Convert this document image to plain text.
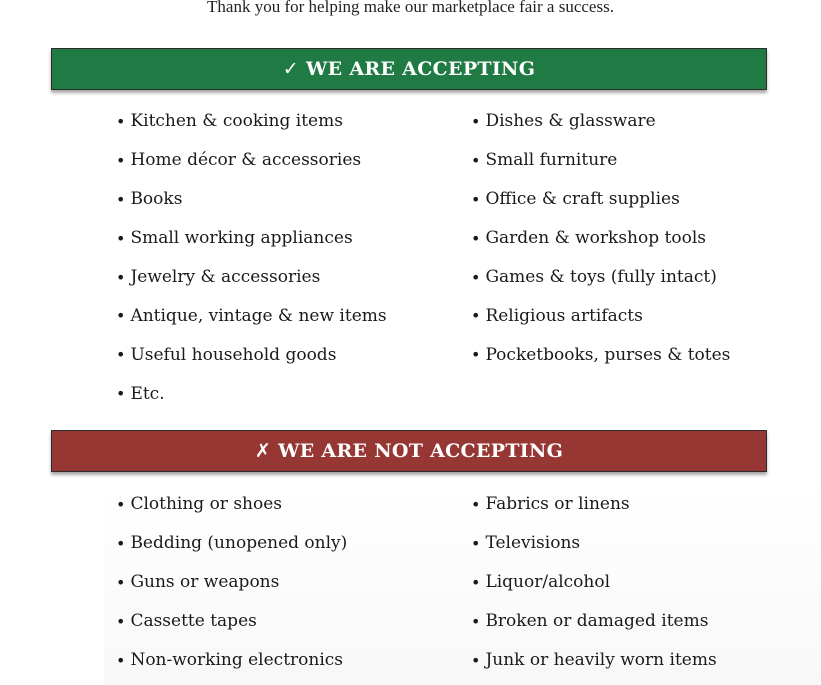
Thank you for helping make our marketplace fair a success.
✓ WE ARE ACCEPTING
• Kitchen & cooking items
• Home décor & accessories
• Books
• Small working appliances
• Jewelry & accessories
• Antique, vintage & new items
• Useful household goods
• Etc.
• Dishes & glassware
• Small furniture
• Office & craft supplies
• Garden & workshop tools
• Games & toys (fully intact)
• Religious artifacts
• Pocketbooks, purses & totes
✗ WE ARE NOT ACCEPTING
• Clothing or shoes
• Bedding (unopened only)
• Guns or weapons
• Cassette tapes
• Non-working electronics
• Fabrics or linens
• Televisions
• Liquor/alcohol
• Broken or damaged items
• Junk or heavily worn items
